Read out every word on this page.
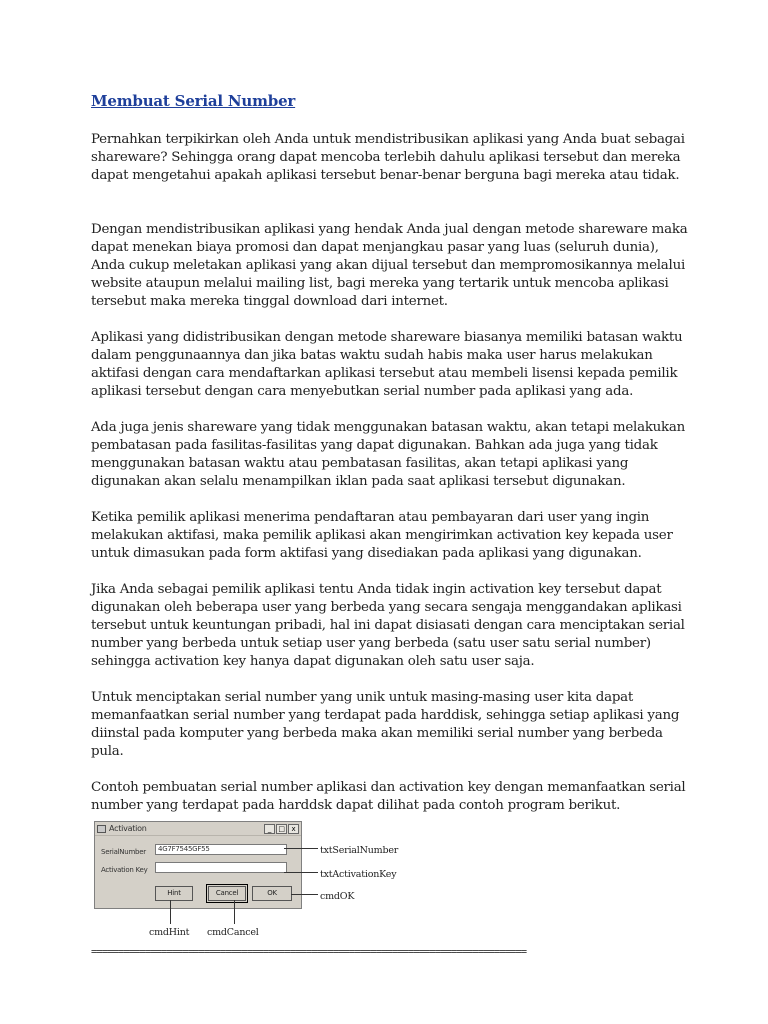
Membuat Serial Number

Pernahkan terpikirkan oleh Anda untuk mendistribusikan aplikasi yang Anda buat sebagai shareware? Sehingga orang dapat mencoba terlebih dahulu aplikasi tersebut dan mereka dapat mengetahui apakah aplikasi tersebut benar-benar berguna bagi mereka atau tidak.

Dengan mendistribusikan aplikasi yang hendak Anda jual dengan metode shareware maka dapat menekan biaya promosi dan dapat menjangkau pasar yang luas (seluruh dunia), Anda cukup meletakan aplikasi yang akan dijual tersebut dan mempromosikannya melalui website ataupun melalui mailing list, bagi mereka yang tertarik untuk mencoba aplikasi tersebut maka mereka tinggal download dari internet.

Aplikasi yang didistribusikan dengan metode shareware biasanya memiliki batasan waktu dalam penggunaannya dan jika batas waktu sudah habis maka user harus melakukan aktifasi dengan cara mendaftarkan aplikasi tersebut atau membeli lisensi kepada pemilik aplikasi tersebut dengan cara menyebutkan serial number pada aplikasi yang ada.

Ada juga jenis shareware yang tidak menggunakan batasan waktu, akan tetapi melakukan pembatasan pada fasilitas-fasilitas yang dapat digunakan. Bahkan ada juga yang tidak menggunakan batasan waktu atau pembatasan fasilitas, akan tetapi aplikasi yang digunakan akan selalu menampilkan iklan pada saat aplikasi tersebut digunakan.

Ketika pemilik aplikasi menerima pendaftaran atau pembayaran dari user yang ingin melakukan aktifasi, maka pemilik aplikasi akan mengirimkan activation key kepada user untuk dimasukan pada form aktifasi yang disediakan pada aplikasi yang digunakan.

Jika Anda sebagai pemilik aplikasi tentu Anda tidak ingin activation key tersebut dapat digunakan oleh beberapa user yang berbeda yang secara sengaja menggandakan aplikasi tersebut untuk keuntungan pribadi, hal ini dapat disiasati dengan cara menciptakan serial number yang berbeda untuk setiap user yang berbeda (satu user satu serial number) sehingga activation key hanya dapat digunakan oleh satu user saja.

Untuk menciptakan serial number yang unik untuk masing-masing user kita dapat memanfaatkan serial number yang terdapat pada harddisk, sehingga setiap aplikasi yang diinstal pada komputer yang berbeda maka akan memiliki serial number yang berbeda pula.

Contoh pembuatan serial number aplikasi dan activation key dengan memanfaatkan serial number yang terdapat pada harddsk dapat dilihat pada contoh program berikut.

Activation	_	□ x
SerialNumber	4G7F7545GF55
Activation Key
Hint	Cancel	OK
txtSerialNumber
txtActivationKey
cmdOK
cmdHint cmdCancel
=================================================================================
